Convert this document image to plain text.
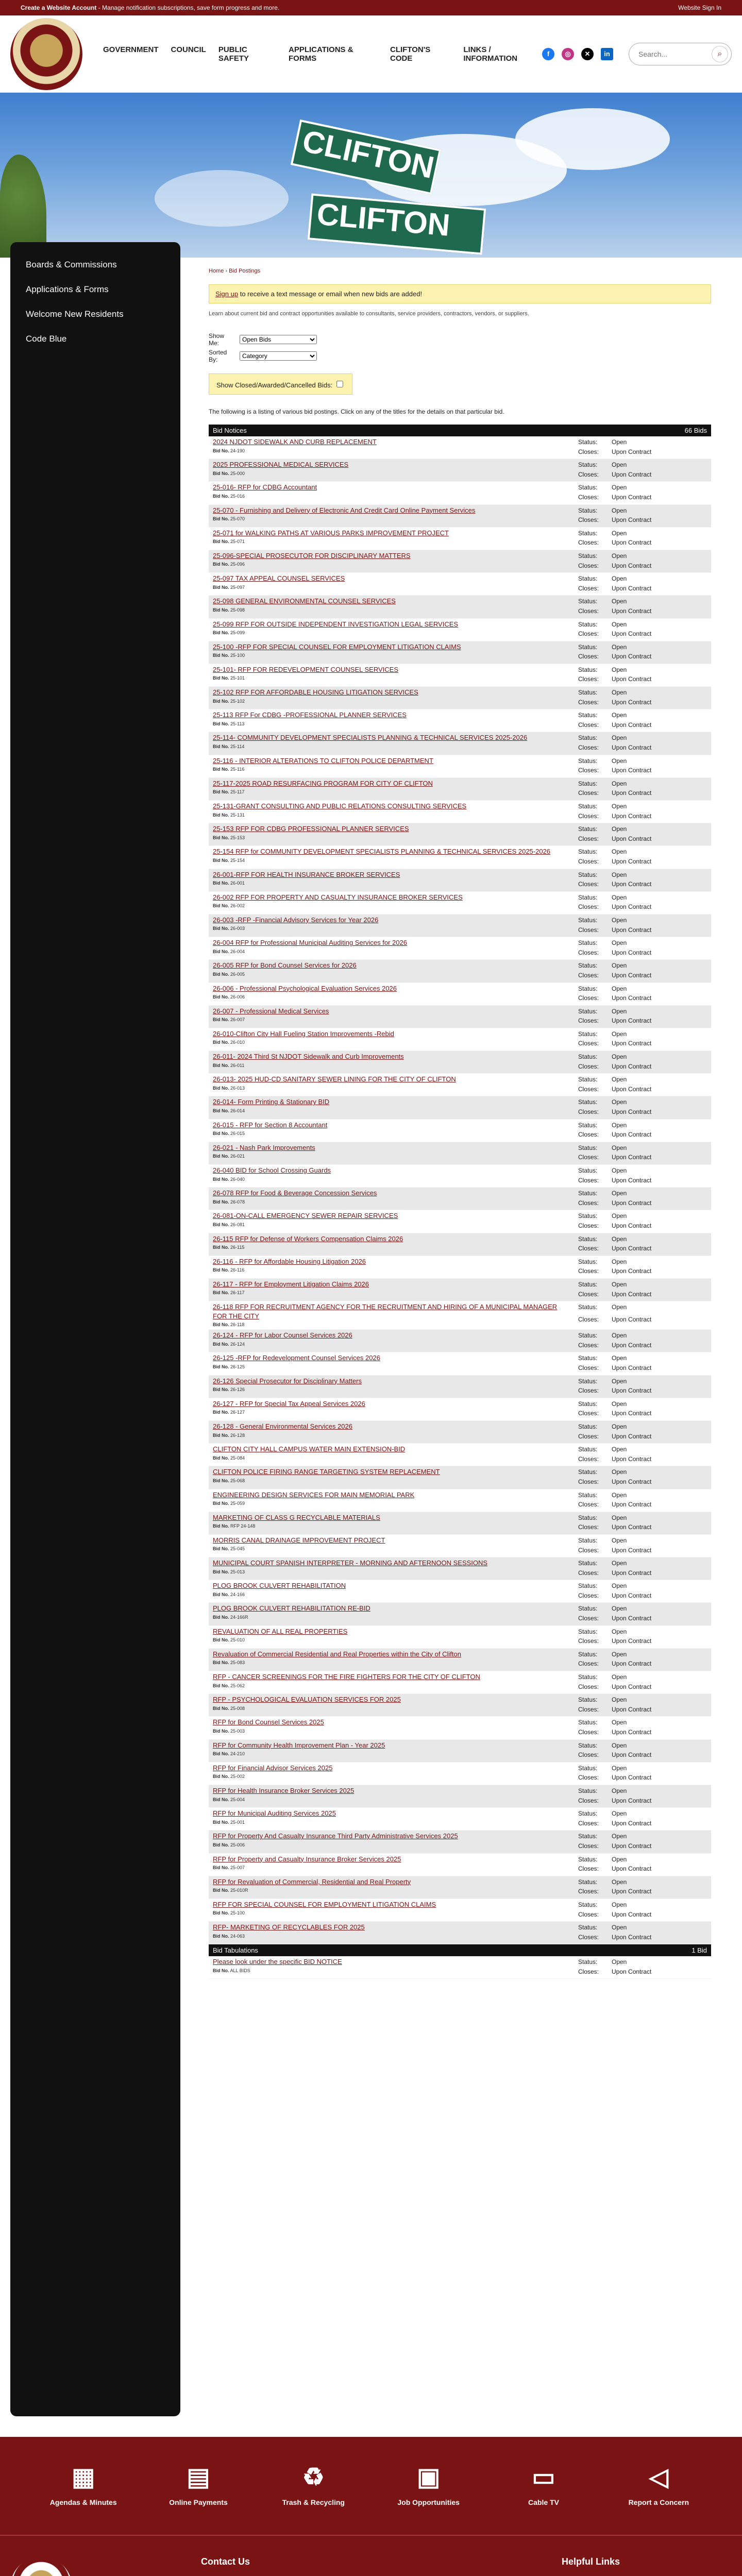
Create a Website Account - Manage notification subscriptions, save form progress and more.	Website Sign In
GOVERNMENT COUNCIL PUBLIC SAFETY
APPLICATIONS & FORMS
CLIFTON'S CODE
LINKS / INFORMATION	f	◎	✕	in
Search...	⌕
CLIFTON
CLIFTON
Boards & Commissions
Applications & Forms
Welcome New Residents
Code Blue
Home › Bid Postings
Sign up to receive a text message or email when new bids are added!
Learn about current bid and contract opportunities available to consultants, service providers, contractors, vendors, or suppliers.
Show Me:
Open Bids
Sorted By:
Category
Show Closed/Awarded/Cancelled Bids:
The following is a listing of various bid postings. Click on any of the titles for the details on that particular bid.
Bid Notices	66 Bids
2024 NJDOT SIDEWALK AND CURB REPLACEMENT
Bid No. 24-190
Status:	Open
Closes:	Upon Contract
2025 PROFESSIONAL MEDICAL SERVICES
Bid No. 25-000
Status:	Open
Closes:	Upon Contract
25-016- RFP for CDBG Accountant
Bid No. 25-016
Status:	Open
Closes:	Upon Contract
25-070 - Furnishing and Delivery of Electronic And Credit Card Online Payment Services
Bid No. 25-070
Status:	Open
Closes:	Upon Contract
25-071 for WALKING PATHS AT VARIOUS PARKS IMPROVEMENT PROJECT
Bid No. 25-071
Status:	Open
Closes:	Upon Contract
25-096-SPECIAL PROSECUTOR FOR DISCIPLINARY MATTERS
Bid No. 25-096
Status:	Open
Closes:	Upon Contract
25-097 TAX APPEAL COUNSEL SERVICES
Bid No. 25-097
Status:	Open
Closes:	Upon Contract
25-098 GENERAL ENVIRONMENTAL COUNSEL SERVICES
Bid No. 25-098
Status:	Open
Closes:	Upon Contract
25-099 RFP FOR OUTSIDE INDEPENDENT INVESTIGATION LEGAL SERVICES
Bid No. 25-099
Status:	Open
Closes:	Upon Contract
25-100 -RFP FOR SPECIAL COUNSEL FOR EMPLOYMENT LITIGATION CLAIMS
Bid No. 25-100
Status:	Open
Closes:	Upon Contract
25-101- RFP FOR REDEVELOPMENT COUNSEL SERVICES
Bid No. 25-101
Status:	Open
Closes:	Upon Contract
25-102 RFP FOR AFFORDABLE HOUSING LITIGATION SERVICES
Bid No. 25-102
Status:	Open
Closes:	Upon Contract
25-113 RFP For CDBG -PROFESSIONAL PLANNER SERVICES
Bid No. 25-113
Status:	Open
Closes:	Upon Contract
25-114- COMMUNITY DEVELOPMENT SPECIALISTS PLANNING & TECHNICAL SERVICES 2025-2026
Bid No. 25-114
Status:	Open
Closes:	Upon Contract
25-116 - INTERIOR ALTERATIONS TO CLIFTON POLICE DEPARTMENT
Bid No. 25-116
Status:	Open
Closes:	Upon Contract
25-117-2025 ROAD RESURFACING PROGRAM FOR CITY OF CLIFTON
Bid No. 25-117
Status:	Open
Closes:	Upon Contract
25-131-GRANT CONSULTING AND PUBLIC RELATIONS CONSULTING SERVICES
Bid No. 25-131
Status:	Open
Closes:	Upon Contract
25-153 RFP FOR CDBG PROFESSIONAL PLANNER SERVICES
Bid No. 25-153
Status:	Open
Closes:	Upon Contract
25-154 RFP for COMMUNITY DEVELOPMENT SPECIALISTS PLANNING & TECHNICAL SERVICES 2025-2026
Bid No. 25-154
Status:	Open
Closes:	Upon Contract
26-001-RFP FOR HEALTH INSURANCE BROKER SERVICES
Bid No. 26-001
Status:	Open
Closes:	Upon Contract
26-002 RFP FOR PROPERTY AND CASUALTY INSURANCE BROKER SERVICES
Bid No. 26-002
Status:	Open
Closes:	Upon Contract
26-003 -RFP -Financial Advisory Services for Year 2026
Bid No. 26-003
Status:	Open
Closes:	Upon Contract
26-004 RFP for Professional Municipal Auditing Services for 2026
Bid No. 26-004
Status:	Open
Closes:	Upon Contract
26-005 RFP for Bond Counsel Services for 2026
Bid No. 26-005
Status:	Open
Closes:	Upon Contract
26-006 - Professional Psychological Evaluation Services 2026
Bid No. 26-006
Status:	Open
Closes:	Upon Contract
26-007 - Professional Medical Services
Bid No. 26-007
Status:	Open
Closes:	Upon Contract
26-010-Clifton City Hall Fueling Station Improvements -Rebid
Bid No. 26-010
Status:	Open
Closes:	Upon Contract
26-011- 2024 Third St NJDOT Sidewalk and Curb Improvements
Bid No. 26-011
Status:	Open
Closes:	Upon Contract
26-013- 2025 HUD-CD SANITARY SEWER LINING FOR THE CITY OF CLIFTON
Bid No. 26-013
Status:	Open
Closes:	Upon Contract
26-014- Form Printing & Stationary BID
Bid No. 26-014
Status:	Open
Closes:	Upon Contract
26-015 - RFP for Section 8 Accountant
Bid No. 26-015
Status:	Open
Closes:	Upon Contract
26-021 - Nash Park Improvements
Bid No. 26-021
Status:	Open
Closes:	Upon Contract
26-040 BID for School Crossing Guards
Bid No. 26-040
Status:	Open
Closes:	Upon Contract
26-078 RFP for Food & Beverage Concession Services
Bid No. 26-078
Status:	Open
Closes:	Upon Contract
26-081-ON-CALL EMERGENCY SEWER REPAIR SERVICES
Bid No. 26-081
Status:	Open
Closes:	Upon Contract
26-115 RFP for Defense of Workers Compensation Claims 2026
Bid No. 26-115
Status:	Open
Closes:	Upon Contract
26-116 - RFP for Affordable Housing Litigation 2026
Bid No. 26-116
Status:	Open
Closes:	Upon Contract
26-117 - RFP for Employment Litigation Claims 2026
Bid No. 26-117
Status:	Open
Closes:	Upon Contract
26-118 RFP FOR RECRUITMENT AGENCY FOR THE RECRUITMENT AND HIRING OF A MUNICIPAL MANAGER FOR THE CITY
Bid No. 26-118
Status:	Open
Closes:	Upon Contract
26-124 - RFP for Labor Counsel Services 2026
Bid No. 26-124
Status:	Open
Closes:	Upon Contract
26-125 -RFP for Redevelopment Counsel Services 2026
Bid No. 26-125
Status:	Open
Closes:	Upon Contract
26-126 Special Prosecutor for Disciplinary Matters
Bid No. 26-126
Status:	Open
Closes:	Upon Contract
26-127 - RFP for Special Tax Appeal Services 2026
Bid No. 26-127
Status:	Open
Closes:	Upon Contract
26-128 - General Environmental Services 2026
Bid No. 26-128
Status:	Open
Closes:	Upon Contract
CLIFTON CITY HALL CAMPUS WATER MAIN EXTENSION-BID
Bid No. 25-084
Status:	Open
Closes:	Upon Contract
CLIFTON POLICE FIRING RANGE TARGETING SYSTEM REPLACEMENT
Bid No. 25-068
Status:	Open
Closes:	Upon Contract
ENGINEERING DESIGN SERVICES FOR MAIN MEMORIAL PARK
Bid No. 25-059
Status:	Open
Closes:	Upon Contract
MARKETING OF CLASS G RECYCLABLE MATERIALS
Bid No. RFP 24-148
Status:	Open
Closes:	Upon Contract
MORRIS CANAL DRAINAGE IMPROVEMENT PROJECT
Bid No. 25-045
Status:	Open
Closes:	Upon Contract
MUNICIPAL COURT SPANISH INTERPRETER - MORNING AND AFTERNOON SESSIONS
Bid No. 25-013
Status:	Open
Closes:	Upon Contract
PLOG BROOK CULVERT REHABILITATION
Bid No. 24-166
Status:	Open
Closes:	Upon Contract
PLOG BROOK CULVERT REHABILITATION RE-BID
Bid No. 24-166R
Status:	Open
Closes:	Upon Contract
REVALUATION OF ALL REAL PROPERTIES
Bid No. 25-010
Status:	Open
Closes:	Upon Contract
Revaluation of Commercial Residential and Real Properties within the City of Clifton
Bid No. 25-083
Status:	Open
Closes:	Upon Contract
RFP - CANCER SCREENINGS FOR THE FIRE FIGHTERS FOR THE CITY OF CLIFTON
Bid No. 25-062
Status:	Open
Closes:	Upon Contract
RFP - PSYCHOLOGICAL EVALUATION SERVICES FOR 2025
Bid No. 25-008
Status:	Open
Closes:	Upon Contract
RFP for Bond Counsel Services 2025
Bid No. 25-003
Status:	Open
Closes:	Upon Contract
RFP for Community Health Improvement Plan - Year 2025
Bid No. 24-210
Status:	Open
Closes:	Upon Contract
RFP for Financial Advisor Services 2025
Bid No. 25-002
Status:	Open
Closes:	Upon Contract
RFP for Health Insurance Broker Services 2025
Bid No. 25-004
Status:	Open
Closes:	Upon Contract
RFP for Municipal Auditing Services 2025
Bid No. 25-001
Status:	Open
Closes:	Upon Contract
RFP for Property And Casualty Insurance Third Party Administrative Services 2025
Bid No. 25-006
Status:	Open
Closes:	Upon Contract
RFP for Property and Casualty Insurance Broker Services 2025
Bid No. 25-007
Status:	Open
Closes:	Upon Contract
RFP for Revaluation of Commercial, Residential and Real Property
Bid No. 25-010R
Status:	Open
Closes:	Upon Contract
RFP FOR SPECIAL COUNSEL FOR EMPLOYMENT LITIGATION CLAIMS
Bid No. 25-100
Status:	Open
Closes:	Upon Contract
RFP- MARKETING OF RECYCLABLES FOR 2025
Bid No. 24-063
Status:	Open
Closes:	Upon Contract
Bid Tabulations	1 Bid
Please look under the specific BID NOTICE
Bid No. ALL BIDS
Status:	Open
Closes:	Upon Contract
▦
Agendas & Minutes
▤
Online Payments
♻
Trash & Recycling
▣
Job Opportunities
▭
Cable TV
◁
Report a Concern
Contact Us	Helpful Links
